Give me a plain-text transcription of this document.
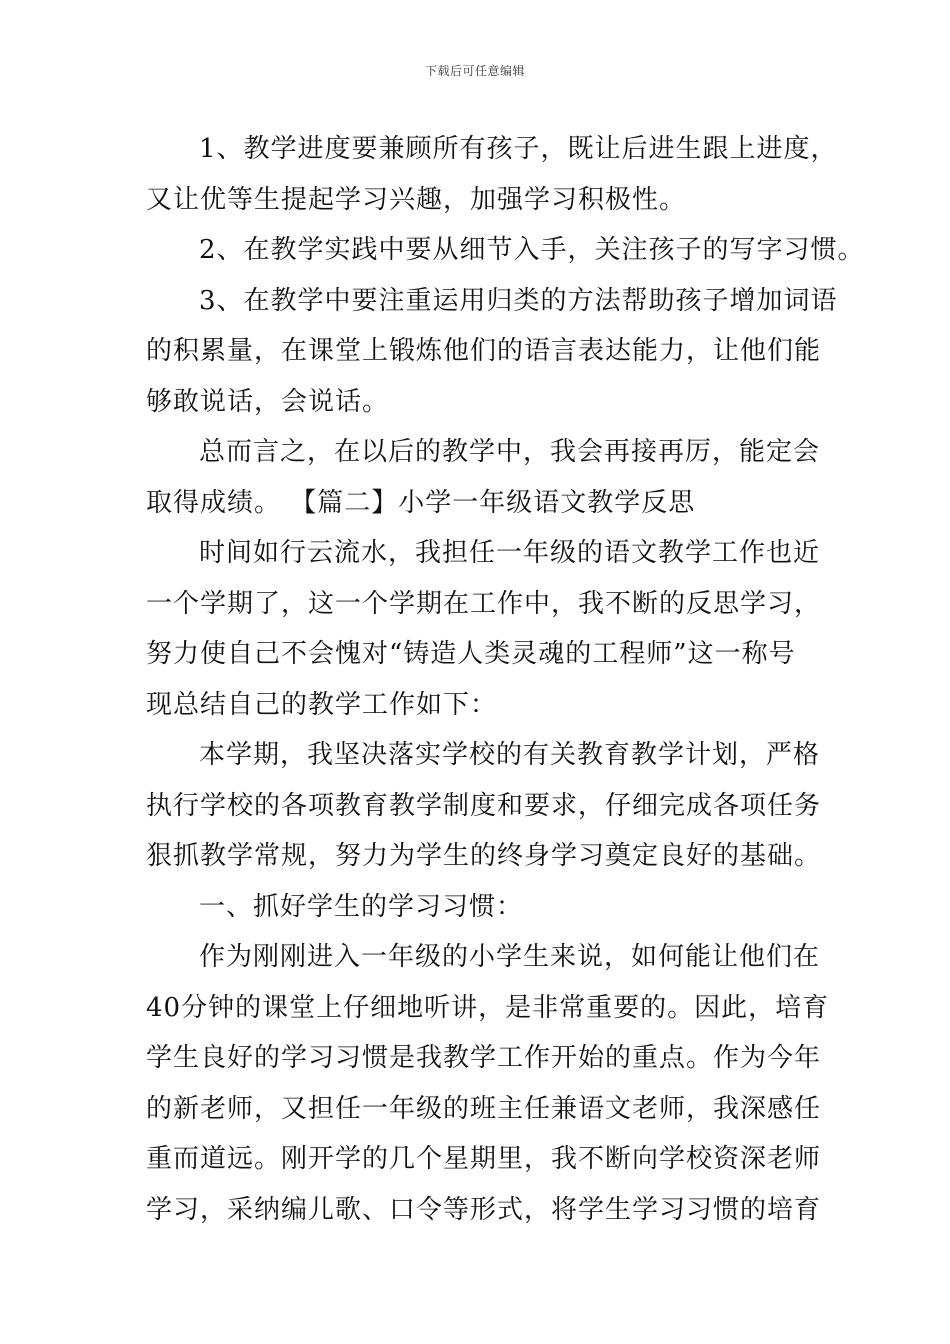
下载后可任意编辑
1、教学进度要兼顾所有孩子，既让后进生跟上进度，
又让优等生提起学习兴趣，加强学习积极性。
2、在教学实践中要从细节入手，关注孩子的写字习惯。
3、在教学中要注重运用归类的方法帮助孩子增加词语
的积累量，在课堂上锻炼他们的语言表达能力，让他们能
够敢说话，会说话。
总而言之，在以后的教学中，我会再接再厉，能定会
取得成绩。 【篇二】小学一年级语文教学反思
时间如行云流水，我担任一年级的语文教学工作也近
一个学期了，这一个学期在工作中，我不断的反思学习，
努力使自己不会愧对“铸造人类灵魂的工程师”这一称号
现总结自己的教学工作如下：
本学期，我坚决落实学校的有关教育教学计划，严格
执行学校的各项教育教学制度和要求，仔细完成各项任务
狠抓教学常规，努力为学生的终身学习奠定良好的基础。
一、抓好学生的学习习惯：
作为刚刚进入一年级的小学生来说，如何能让他们在
40分钟的课堂上仔细地听讲，是非常重要的。因此，培育
学生良好的学习习惯是我教学工作开始的重点。作为今年
的新老师，又担任一年级的班主任兼语文老师，我深感任
重而道远。刚开学的几个星期里，我不断向学校资深老师
学习，采纳编儿歌、口令等形式，将学生学习习惯的培育
